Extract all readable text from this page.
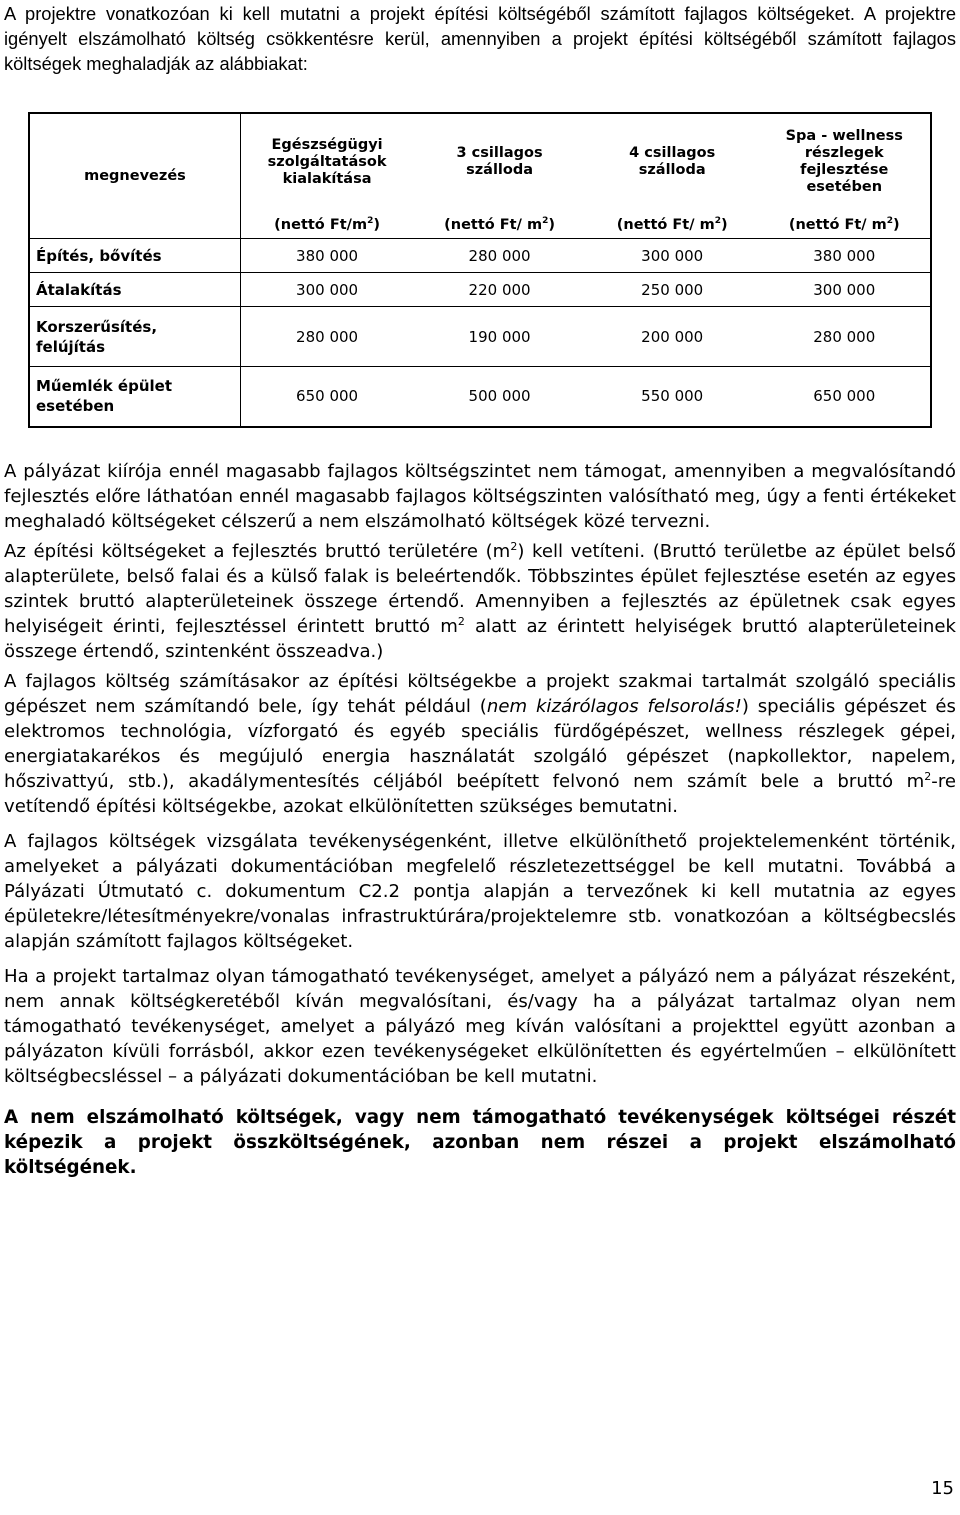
A projektre vonatkozóan ki kell mutatni a projekt építési költségéből számított fajlagos költségeket. A projektre igényelt elszámolható költség csökkentésre kerül, amennyiben a projekt építési költségéből számított fajlagos költségek meghaladják az alábbiakat:

megnevezés	Egészségügyi szolgáltatások kialakítása	3 csillagos szálloda	4 csillagos szálloda	Spa - wellness részlegek fejlesztése esetében
	(nettó $Ft/m^2$)	(nettó Ft/ $m^2$)	(nettó Ft/ $m^2$)	(nettó Ft/ $m^2$)
Építés, bővítés	380 000	280 000	300 000	380 000
Átalakítás	300 000	220 000	250 000	300 000
Korszerűsítés, felújítás	280 000	190 000	200 000	280 000
Műemlék épület esetében	650 000	500 000	550 000	650 000

A pályázat kiírója ennél magasabb fajlagos költségszintet nem támogat, amennyiben a megvalósítandó fejlesztés előre láthatóan ennél magasabb fajlagos költségszinten valósítható meg, úgy a fenti értékeket meghaladó költségeket célszerű a nem elszámolható költségek közé tervezni.

Az építési költségeket a fejlesztés bruttó területére $(m^2)$ kell vetíteni. (Bruttó területbe az épület belső alapterülete, belső falai és a külső falak is beleértendők. Többszintes épület fejlesztése esetén az egyes szintek bruttó alapterületeinek összege értendő. Amennyiben a fejlesztés az épületnek csak egyes helyiségeit érinti, fejlesztéssel érintett bruttó $m^2$ alatt az érintett helyiségek bruttó alapterületeinek összege értendő, szintenként összeadva.)

A fajlagos költség számításakor az építési költségekbe a projekt szakmai tartalmát szolgáló speciális gépészet nem számítandó bele, így tehát például (nem kizárólagos felsorolás!) speciális gépészet és elektromos technológia, vízforgató és egyéb speciális fürdőgépészet, wellness részlegek gépei, energiatakarékos és megújuló energia használatát szolgáló gépészet (napkollektor, napelem, hőszivattyú, stb.), akadálymentesítés céljából beépített felvonó nem számít bele a bruttó $m^2-re$ vetítendő építési költségekbe, azokat elkülönítetten szükséges bemutatni.

A fajlagos költségek vizsgálata tevékenységenként, illetve elkülöníthető projektelemenként történik, amelyeket a pályázati dokumentációban megfelelő részletezettséggel be kell mutatni. Továbbá a Pályázati Útmutató c. dokumentum C2.2 pontja alapján a tervezőnek ki kell mutatnia az egyes épületekre/létesítményekre/vonalas infrastruktúrára/projektelemre stb. vonatkozóan a költségbecslés alapján számított fajlagos költségeket.

Ha a projekt tartalmaz olyan támogatható tevékenységet, amelyet a pályázó nem a pályázat részeként, nem annak költségkeretéből kíván megvalósítani, és/vagy ha a pályázat tartalmaz olyan nem támogatható tevékenységet, amelyet a pályázó meg kíván valósítani a projekttel együtt azonban a pályázaton kívüli forrásból, akkor ezen tevékenységeket elkülönítetten és egyértelműen – elkülönített költségbecsléssel – a pályázati dokumentációban be kell mutatni.

A nem elszámolható költségek, vagy nem támogatható tevékenységek költségei részét képezik a projekt összköltségének, azonban nem részei a projekt elszámolható költségének.

15
